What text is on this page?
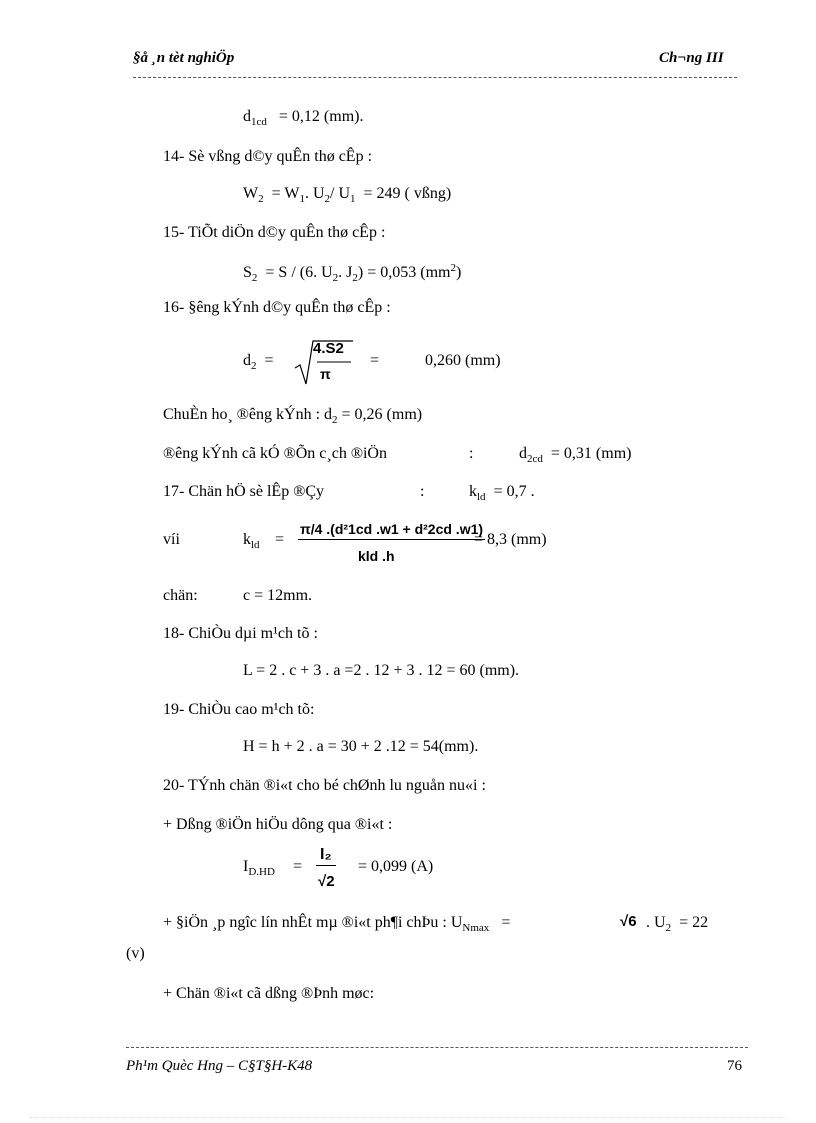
§å ¸n tèt nghiÖp	Ch¬ng III
$d_{1cd} = 0,12$ (mm).
14- Sè vßng d©y quÊn thø cÊp :
$W_2 = W_1$. $U_2/$ $U_1 = 249$ ( vßng)
15- TiÕt diÖn d©y quÊn thø cÊp :
$S_2 = S / (6$. $U_2$. $J_2) = 0,053$ $(mm^2)$
16- §êng kÝnh d©y quÊn thø cÊp :
$d_2$ =
4.S2
π
=	0,260 (mm)
ChuÈn ho¸ ®êng kÝnh : $d_2 = 0,26$ (mm)
®êng kÝnh cã kÓ ®Õn c¸ch ®iÖn	:	$d_{2cd} = 0,31$ (mm)
17- Chän hÖ sè lÊp ®Çy	:	$k_{ld} = 0,7$ .
víi	$k_{ld}$ =
π/4 .(d²1cd .w1 + d²2cd .w1)
kld .h
= 8,3 (mm)
chän:	c = 12mm.
18- ChiÒu dµi m¹ch tõ :
L = 2 . c + 3 . a =2 . 12 + 3 . 12 = 60 (mm).
19- ChiÒu cao m¹ch tõ:
H = h + 2 . a = 30 + 2 .12 = 54(mm).
20- TÝnh chän ®i«t cho bé chØnh lu nguån nu«i :
+ Dßng ®iÖn hiÖu dông qua ®i«t :
$I_{D.HD}$ =
I₂
√2
= 0,099 (A)
+ §iÖn ¸p ngîc lín nhÊt mµ ®i«t ph¶i chÞu : $U_{Nmax}$ =	√6 . $U_2 = 22$
(v)
+ Chän ®i«t cã dßng ®Þnh møc:
Ph¹m Quèc Hng – C§T§H-K48	76
